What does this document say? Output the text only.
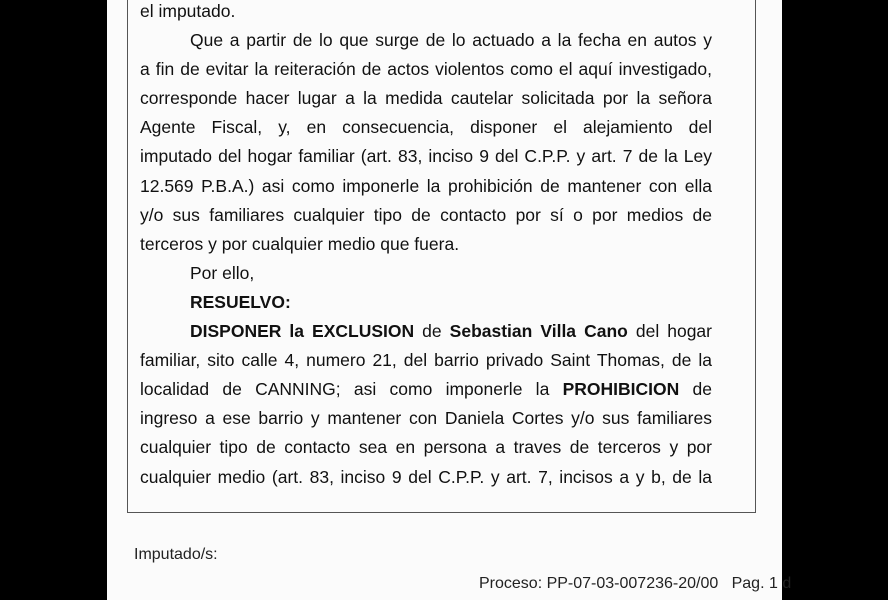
el imputado.
Que a partir de lo que surge de lo actuado a la fecha en autos y
a fin de evitar la reiteración de actos violentos como el aquí investigado,
corresponde hacer lugar a la medida cautelar solicitada por la señora
Agente Fiscal, y, en consecuencia, disponer el alejamiento del
imputado del hogar familiar (art. 83, inciso 9 del C.P.P. y art. 7 de la Ley
12.569 P.B.A.) asi como imponerle la prohibición de mantener con ella
y/o sus familiares cualquier tipo de contacto por sí o por medios de
terceros y por cualquier medio que fuera.
Por ello,
RESUELVO:
DISPONER la EXCLUSION de Sebastian Villa Cano del hogar
familiar, sito calle 4, numero 21, del barrio privado Saint Thomas, de la
localidad de CANNING; asi como imponerle la PROHIBICION de
ingreso a ese barrio y mantener con Daniela Cortes y/o sus familiares
cualquier tipo de contacto sea en persona a traves de terceros y por
cualquier medio (art. 83, inciso 9 del C.P.P. y art. 7, incisos a y b, de la
Imputado/s:
Proceso: PP-07-03-007236-20/00 Pag. 1 d
